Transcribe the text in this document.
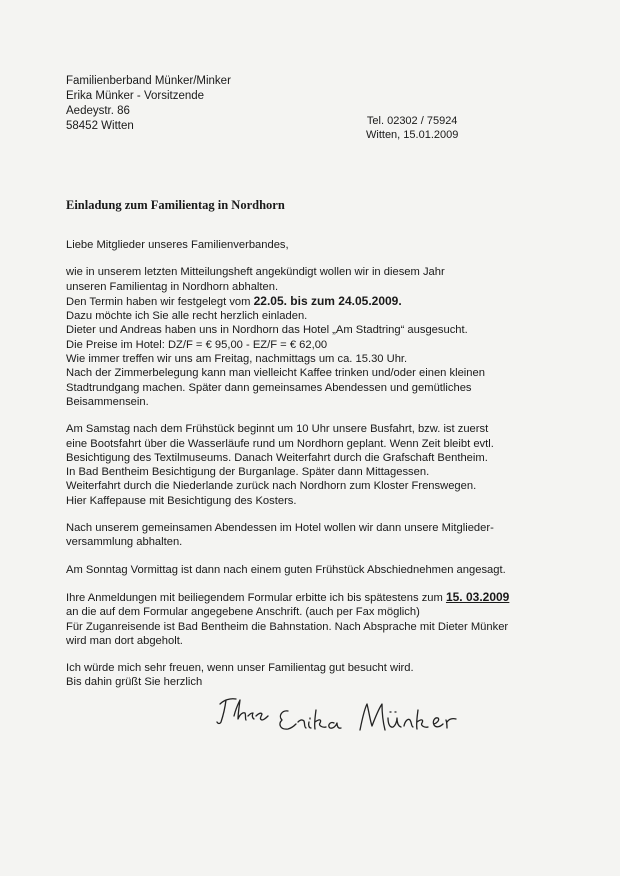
Familienberband Münker/Minker
Erika Münker - Vorsitzende
Aedeystr. 86
58452 Witten	Tel. 02302 / 75924
Witten, 15.01.2009
Einladung zum Familientag in Nordhorn
Liebe Mitglieder unseres Familienverbandes,
wie in unserem letzten Mitteilungsheft angekündigt wollen wir in diesem Jahr
unseren Familientag in Nordhorn abhalten.
Den Termin haben wir festgelegt vom 22.05. bis zum 24.05.2009.
Dazu möchte ich Sie alle recht herzlich einladen.
Dieter und Andreas haben uns in Nordhorn das Hotel „Am Stadtring“ ausgesucht.
Die Preise im Hotel: DZ/F = € 95,00 - EZ/F = € 62,00
Wie immer treffen wir uns am Freitag, nachmittags um ca. 15.30 Uhr.
Nach der Zimmerbelegung kann man vielleicht Kaffee trinken und/oder einen kleinen
Stadtrundgang machen. Später dann gemeinsames Abendessen und gemütliches
Beisammensein.
Am Samstag nach dem Frühstück beginnt um 10 Uhr unsere Busfahrt, bzw. ist zuerst
eine Bootsfahrt über die Wasserläufe rund um Nordhorn geplant. Wenn Zeit bleibt evtl.
Besichtigung des Textilmuseums. Danach Weiterfahrt durch die Grafschaft Bentheim.
In Bad Bentheim Besichtigung der Burganlage. Später dann Mittagessen.
Weiterfahrt durch die Niederlande zurück nach Nordhorn zum Kloster Frenswegen.
Hier Kaffepause mit Besichtigung des Kosters.
Nach unserem gemeinsamen Abendessen im Hotel wollen wir dann unsere Mitglieder-
versammlung abhalten.
Am Sonntag Vormittag ist dann nach einem guten Frühstück Abschiednehmen angesagt.
Ihre Anmeldungen mit beiliegendem Formular erbitte ich bis spätestens zum 15. 03.2009
an die auf dem Formular angegebene Anschrift. (auch per Fax möglich)
Für Zuganreisende ist Bad Bentheim die Bahnstation. Nach Absprache mit Dieter Münker
wird man dort abgeholt.
Ich würde mich sehr freuen, wenn unser Familientag gut besucht wird.
Bis dahin grüßt Sie herzlich
